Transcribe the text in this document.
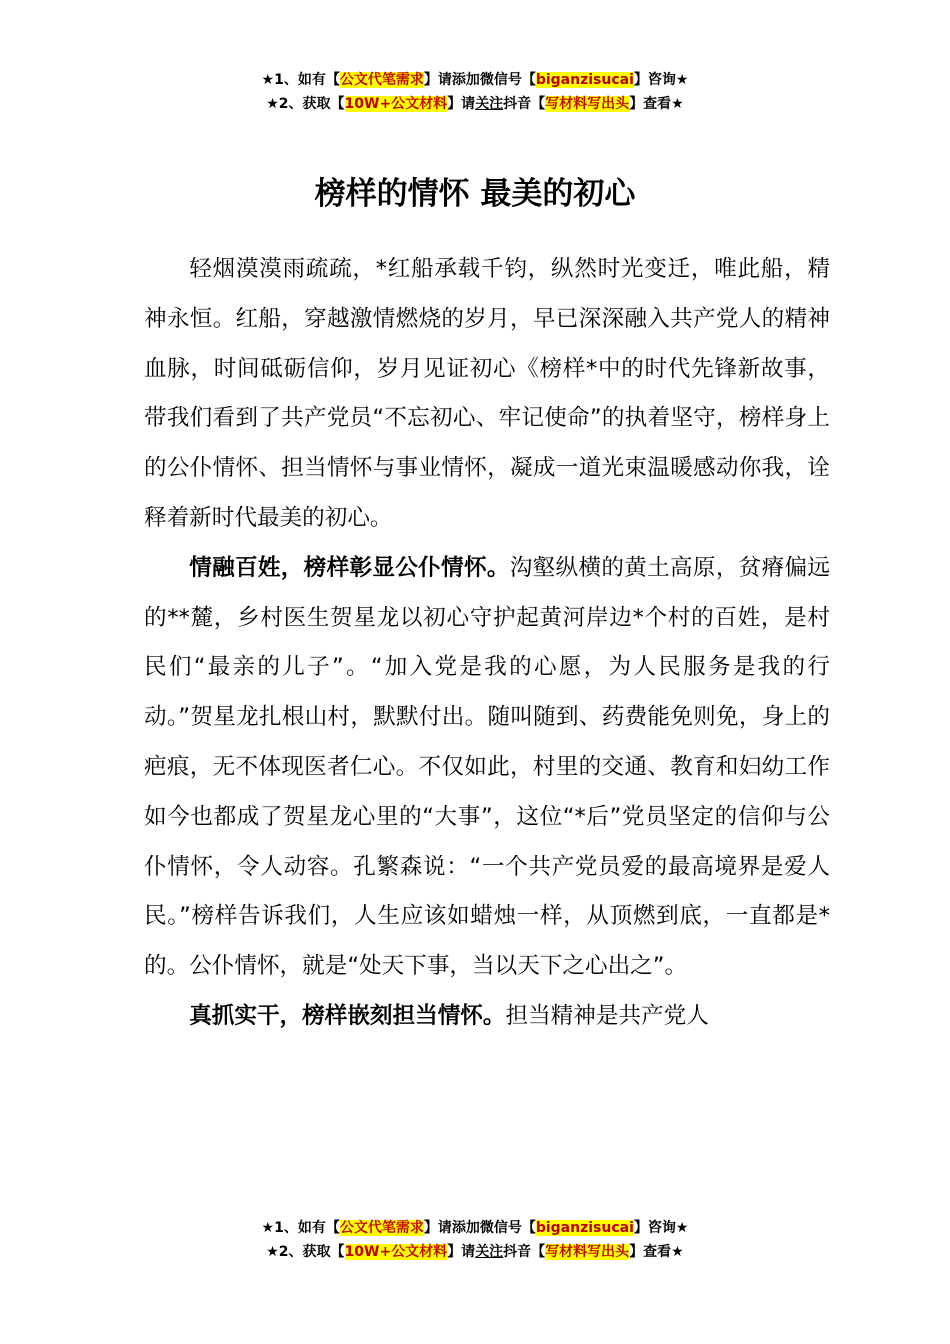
★1、如有【公文代笔需求】请添加微信号【biganzisucai】咨询★
★2、获取【10W+公文材料】请关注抖音【写材料写出头】查看★
榜样的情怀 最美的初心

轻烟漠漠雨疏疏，*红船承载千钧，纵然时光变迁，唯此船，精神永恒。红船，穿越激情燃烧的岁月，早已深深融入共产党人的精神血脉，时间砥砺信仰，岁月见证初心《榜样*中的时代先锋新故事，带我们看到了共产党员“不忘初心、牢记使命”的执着坚守，榜样身上的公仆情怀、担当情怀与事业情怀，凝成一道光束温暖感动你我，诠释着新时代最美的初心。

情融百姓，榜样彰显公仆情怀。沟壑纵横的黄土高原，贫瘠偏远的**麓，乡村医生贺星龙以初心守护起黄河岸边*个村的百姓，是村民们“最亲的儿子”。“加入党是我的心愿，为人民服务是我的行动。”贺星龙扎根山村，默默付出。随叫随到、药费能免则免，身上的疤痕，无不体现医者仁心。不仅如此，村里的交通、教育和妇幼工作如今也都成了贺星龙心里的“大事”，这位“*后”党员坚定的信仰与公仆情怀，令人动容。孔繁森说：“一个共产党员爱的最高境界是爱人民。”榜样告诉我们，人生应该如蜡烛一样，从顶燃到底，一直都是*的。公仆情怀，就是“处天下事，当以天下之心出之”。

真抓实干，榜样嵌刻担当情怀。担当精神是共产党人

★1、如有【公文代笔需求】请添加微信号【biganzisucai】咨询★
★2、获取【10W+公文材料】请关注抖音【写材料写出头】查看★
